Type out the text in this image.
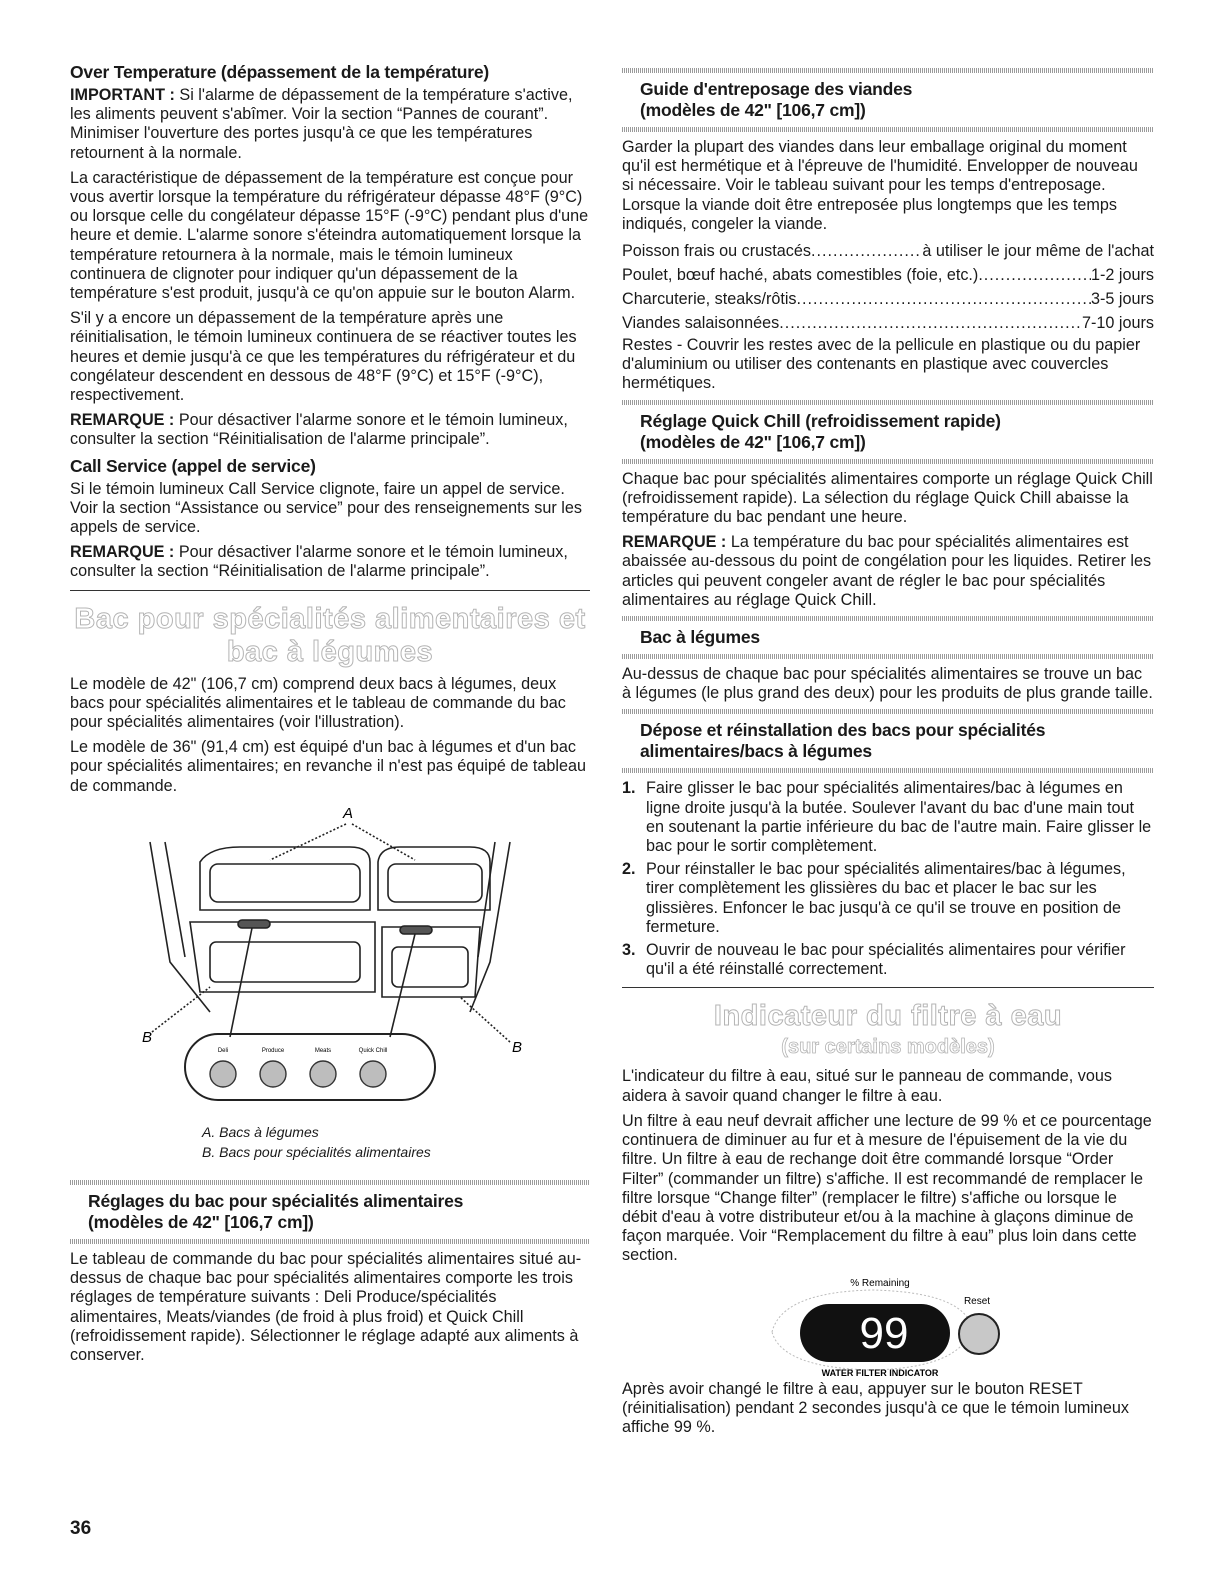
Over Temperature (dépassement de la température)

IMPORTANT : Si l'alarme de dépassement de la température s'active, les aliments peuvent s'abîmer. Voir la section “Pannes de courant”. Minimiser l'ouverture des portes jusqu'à ce que les températures retournent à la normale.

La caractéristique de dépassement de la température est conçue pour vous avertir lorsque la température du réfrigérateur dépasse 48°F (9°C) ou lorsque celle du congélateur dépasse 15°F (-9°C) pendant plus d'une heure et demie. L'alarme sonore s'éteindra automatiquement lorsque la température retournera à la normale, mais le témoin lumineux continuera de clignoter pour indiquer qu'un dépassement de la température s'est produit, jusqu'à ce qu'on appuie sur le bouton Alarm.

S'il y a encore un dépassement de la température après une réinitialisation, le témoin lumineux continuera de se réactiver toutes les heures et demie jusqu'à ce que les températures du réfrigérateur et du congélateur descendent en dessous de 48°F (9°C) et 15°F (-9°C), respectivement.

REMARQUE : Pour désactiver l'alarme sonore et le témoin lumineux, consulter la section “Réinitialisation de l'alarme principale”.

Call Service (appel de service)

Si le témoin lumineux Call Service clignote, faire un appel de service. Voir la section “Assistance ou service” pour des renseignements sur les appels de service.

REMARQUE : Pour désactiver l'alarme sonore et le témoin lumineux, consulter la section “Réinitialisation de l'alarme principale”.

Bac pour spécialités alimentaires et
bac à légumes

Le modèle de 42" (106,7 cm) comprend deux bacs à légumes, deux bacs pour spécialités alimentaires et le tableau de commande du bac pour spécialités alimentaires (voir l'illustration).

Le modèle de 36" (91,4 cm) est équipé d'un bac à légumes et d'un bac pour spécialités alimentaires; en revanche il n'est pas équipé de tableau de commande.

A
B
B
Deli	Produce	Meats	Quick Chill
A. Bacs à légumes
B. Bacs pour spécialités alimentaires
Réglages du bac pour spécialités alimentaires
(modèles de 42" [106,7 cm])

Le tableau de commande du bac pour spécialités alimentaires situé au-dessus de chaque bac pour spécialités alimentaires comporte les trois réglages de température suivants : Deli Produce/spécialités alimentaires, Meats/viandes (de froid à plus froid) et Quick Chill (refroidissement rapide). Sélectionner le réglage adapté aux aliments à conserver.

Guide d'entreposage des viandes
(modèles de 42" [106,7 cm])

Garder la plupart des viandes dans leur emballage original du moment qu'il est hermétique et à l'épreuve de l'humidité. Envelopper de nouveau si nécessaire. Voir le tableau suivant pour les temps d'entreposage. Lorsque la viande doit être entreposée plus longtemps que les temps indiqués, congeler la viande.

Poisson frais ou crustacés .....	à utiliser le jour même de l'achat
Poulet, bœuf haché, abats comestibles (foie, etc.) .....	1-2 jours
Charcuterie, steaks/rôtis .....	3-5 jours
Viandes salaisonnées .....	7-10 jours

Restes - Couvrir les restes avec de la pellicule en plastique ou du papier d'aluminium ou utiliser des contenants en plastique avec couvercles hermétiques.

Réglage Quick Chill (refroidissement rapide)
(modèles de 42" [106,7 cm])

Chaque bac pour spécialités alimentaires comporte un réglage Quick Chill (refroidissement rapide). La sélection du réglage Quick Chill abaisse la température du bac pendant une heure.

REMARQUE : La température du bac pour spécialités alimentaires est abaissée au-dessous du point de congélation pour les liquides. Retirer les articles qui peuvent congeler avant de régler le bac pour spécialités alimentaires au réglage Quick Chill.

Bac à légumes

Au-dessus de chaque bac pour spécialités alimentaires se trouve un bac à légumes (le plus grand des deux) pour les produits de plus grande taille.

Dépose et réinstallation des bacs pour spécialités
alimentaires/bacs à légumes
1. Faire glisser le bac pour spécialités alimentaires/bac à légumes en ligne droite jusqu'à la butée. Soulever l'avant du bac d'une main tout en soutenant la partie inférieure du bac de l'autre main. Faire glisser le bac pour le sortir complètement.
2. Pour réinstaller le bac pour spécialités alimentaires/bac à légumes, tirer complètement les glissières du bac et placer le bac sur les glissières. Enfoncer le bac jusqu'à ce qu'il se trouve en position de fermeture.
3. Ouvrir de nouveau le bac pour spécialités alimentaires pour vérifier qu'il a été réinstallé correctement.
Indicateur du filtre à eau
(sur certains modèles)

L'indicateur du filtre à eau, situé sur le panneau de commande, vous aidera à savoir quand changer le filtre à eau.

Un filtre à eau neuf devrait afficher une lecture de 99 % et ce pourcentage continuera de diminuer au fur et à mesure de l'épuisement de la vie du filtre. Un filtre à eau de rechange doit être commandé lorsque “Order Filter” (commander un filtre) s'affiche. Il est recommandé de remplacer le filtre lorsque “Change filter” (remplacer le filtre) s'affiche ou lorsque le débit d'eau à votre distributeur et/ou à la machine à glaçons diminue de façon marquée. Voir “Remplacement du filtre à eau” plus loin dans cette section.

% Remaining
Reset
99
WATER FILTER INDICATOR

Après avoir changé le filtre à eau, appuyer sur le bouton RESET (réinitialisation) pendant 2 secondes jusqu'à ce que le témoin lumineux affiche 99 %.

36
